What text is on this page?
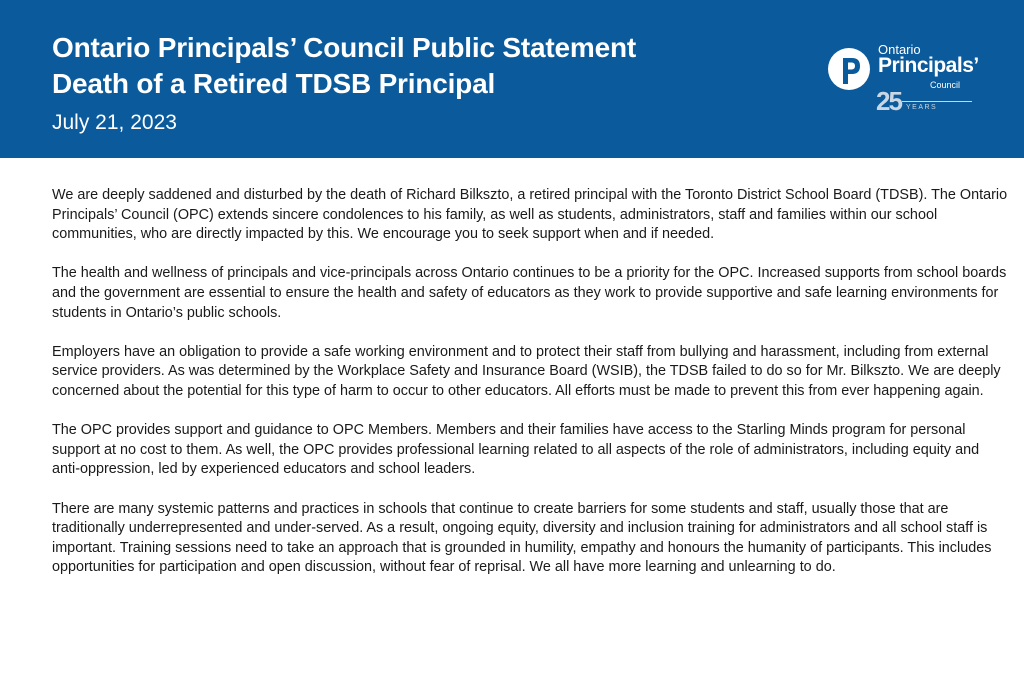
Ontario Principals’ Council Public Statement
Death of a Retired TDSB Principal
July 21, 2023
Ontario
Principals’
Council
25 YEARS

We are deeply saddened and disturbed by the death of Richard Bilkszto, a retired principal with the Toronto District School Board (TDSB). The Ontario Principals’ Council (OPC) extends sincere condolences to his family, as well as students, administrators, staff and families within our school communities, who are directly impacted by this. We encourage you to seek support when and if needed.

The health and wellness of principals and vice-principals across Ontario continues to be a priority for the OPC. Increased supports from school boards and the government are essential to ensure the health and safety of educators as they work to provide supportive and safe learning environments for students in Ontario’s public schools.

Employers have an obligation to provide a safe working environment and to protect their staff from bullying and harassment, including from external service providers. As was determined by the Workplace Safety and Insurance Board (WSIB), the TDSB failed to do so for Mr. Bilkszto. We are deeply concerned about the potential for this type of harm to occur to other educators. All efforts must be made to prevent this from ever happening again.

The OPC provides support and guidance to OPC Members. Members and their families have access to the Starling Minds program for personal support at no cost to them. As well, the OPC provides professional learning related to all aspects of the role of administrators, including equity and anti-oppression, led by experienced educators and school leaders.

There are many systemic patterns and practices in schools that continue to create barriers for some students and staff, usually those that are traditionally underrepresented and under-served. As a result, ongoing equity, diversity and inclusion training for administrators and all school staff is important. Training sessions need to take an approach that is grounded in humility, empathy and honours the humanity of participants. This includes opportunities for participation and open discussion, without fear of reprisal. We all have more learning and unlearning to do.
